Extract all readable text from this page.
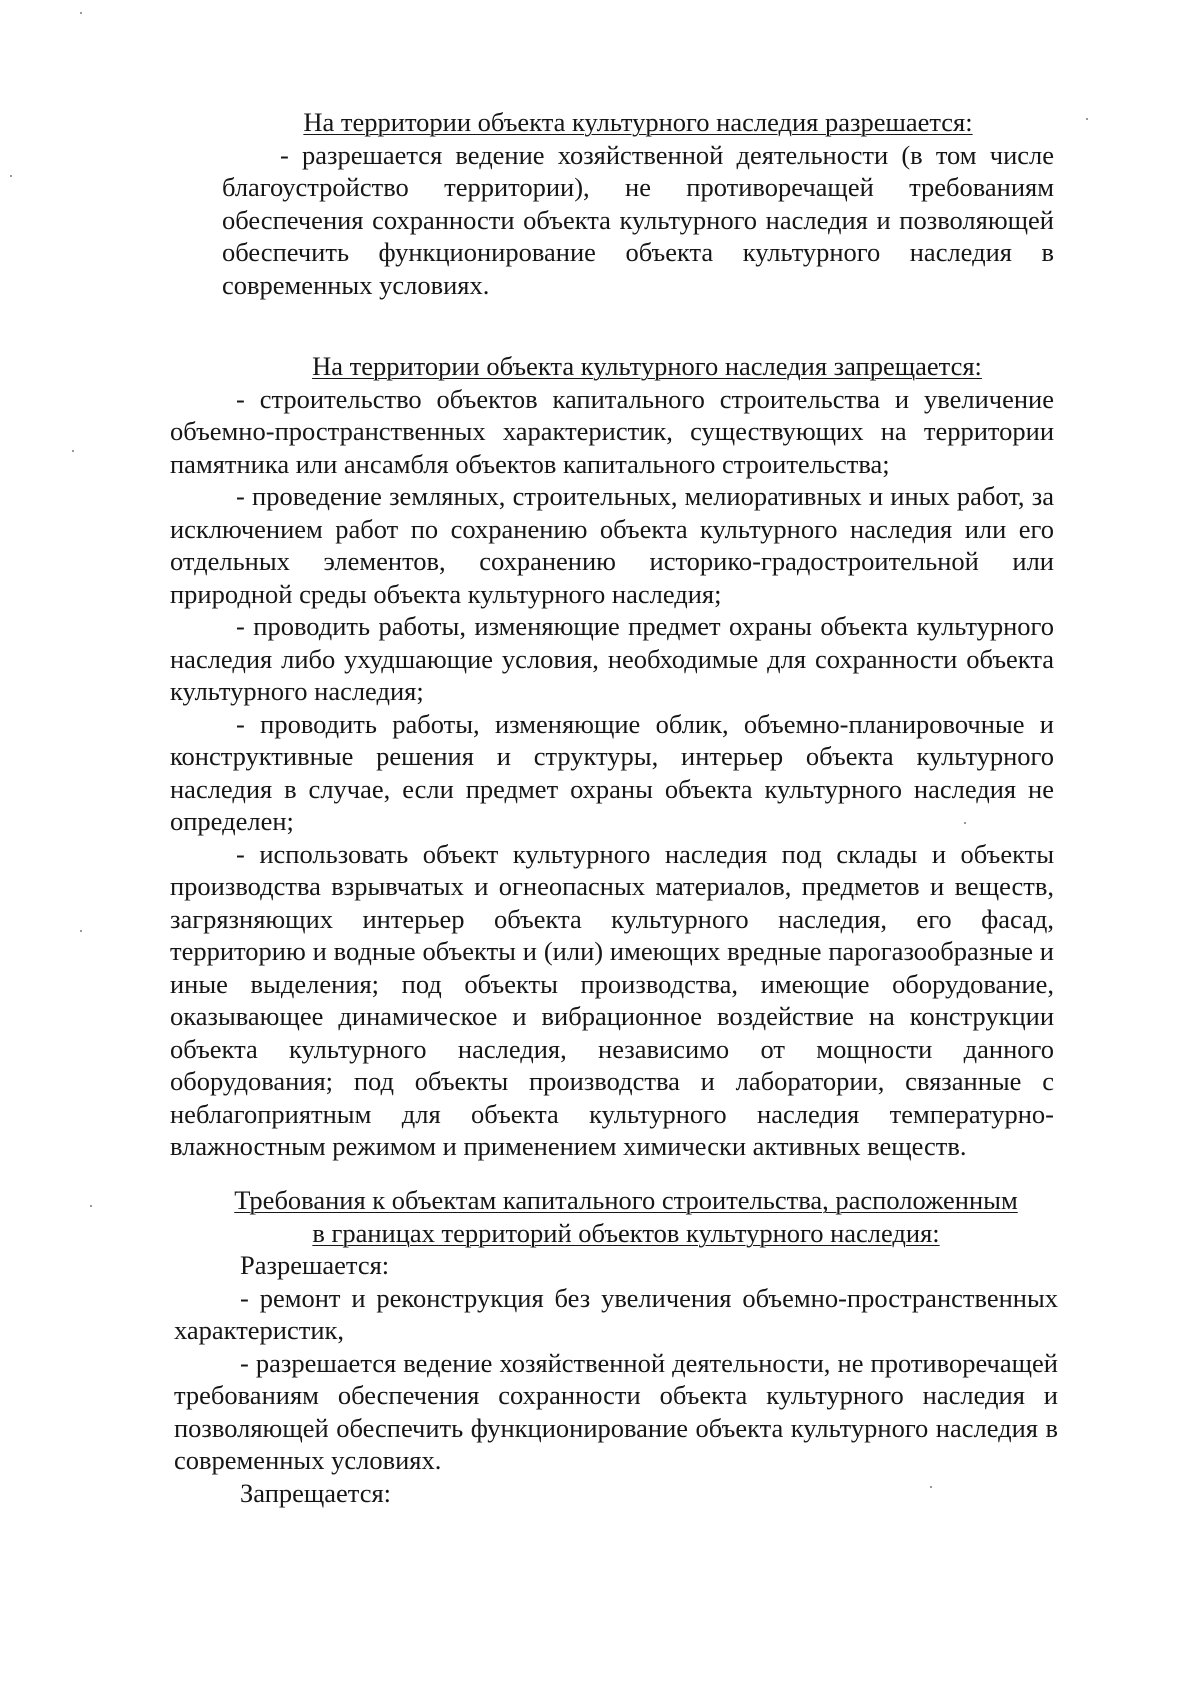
На территории объекта культурного наследия разрешается:

- разрешается ведение хозяйственной деятельности (в том числе благоустройство территории), не противоречащей требованиям обеспечения сохранности объекта культурного наследия и позволяющей обеспечить функционирование объекта культурного наследия в современных условиях.

На территории объекта культурного наследия запрещается:

- строительство объектов капитального строительства и увеличение объемно-пространственных характеристик, существующих на территории памятника или ансамбля объектов капитального строительства;

- проведение земляных, строительных, мелиоративных и иных работ, за исключением работ по сохранению объекта культурного наследия или его отдельных элементов, сохранению историко-градостроительной или природной среды объекта культурного наследия;

- проводить работы, изменяющие предмет охраны объекта культурного наследия либо ухудшающие условия, необходимые для сохранности объекта культурного наследия;

- проводить работы, изменяющие облик, объемно-планировочные и конструктивные решения и структуры, интерьер объекта культурного наследия в случае, если предмет охраны объекта культурного наследия не определен;

- использовать объект культурного наследия под склады и объекты производства взрывчатых и огнеопасных материалов, предметов и веществ, загрязняющих интерьер объекта культурного наследия, его фасад, территорию и водные объекты и (или) имеющих вредные парогазообразные и иные выделения; под объекты производства, имеющие оборудование, оказывающее динамическое и вибрационное воздействие на конструкции объекта культурного наследия, независимо от мощности данного оборудования; под объекты производства и лаборатории, связанные с неблагоприятным для объекта культурного наследия температурно-влажностным режимом и применением химически активных веществ.

Требования к объектам капитального строительства, расположенным

в границах территорий объектов культурного наследия:

Разрешается:

- ремонт и реконструкция без увеличения объемно-пространственных характеристик,

- разрешается ведение хозяйственной деятельности, не противоречащей требованиям обеспечения сохранности объекта культурного наследия и позволяющей обеспечить функционирование объекта культурного наследия в современных условиях.

Запрещается:
